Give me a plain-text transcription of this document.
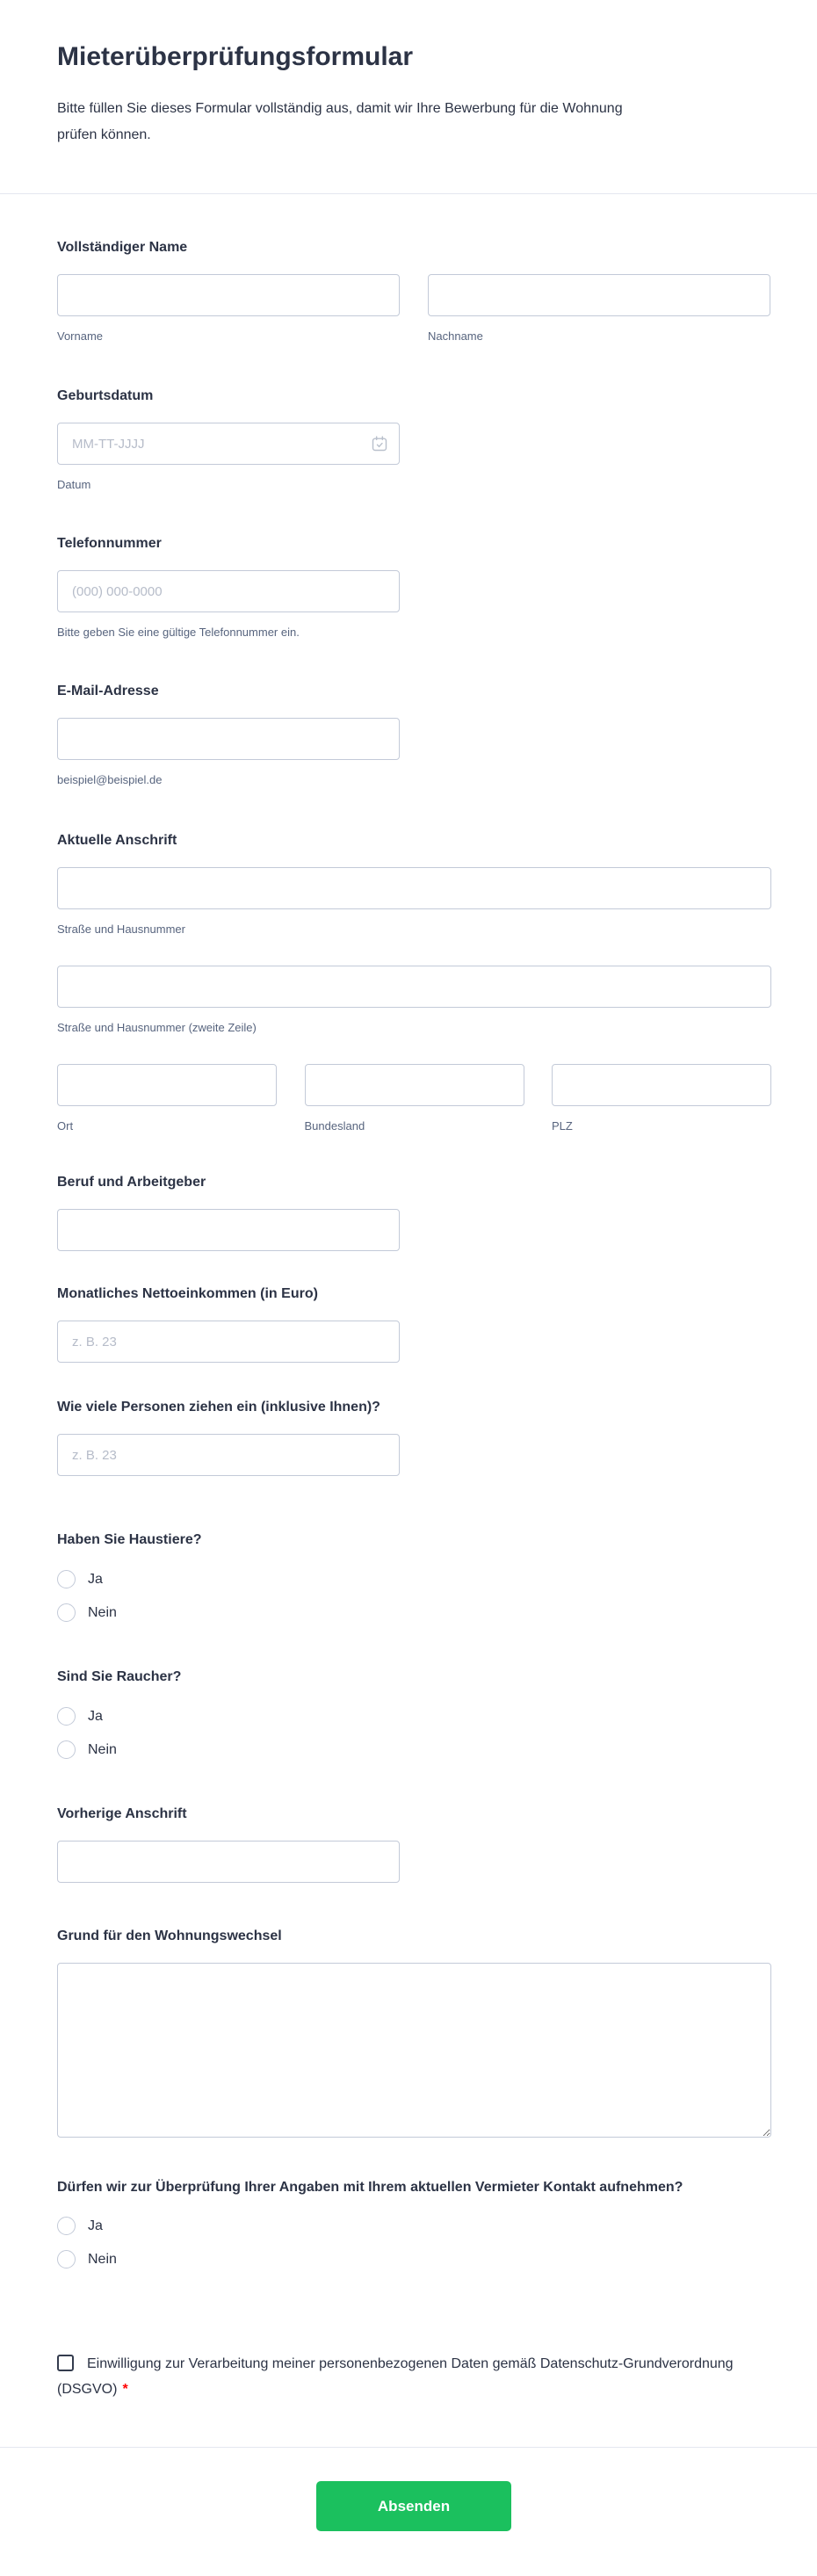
Mieterüberprüfungsformular

Bitte füllen Sie dieses Formular vollständig aus, damit wir Ihre Bewerbung für die Wohnung prüfen können.

Vollständiger Name
Vorname	Nachname
Geburtsdatum
MM-TT-JJJJ
Datum
Telefonnummer
(000) 000-0000
Bitte geben Sie eine gültige Telefonnummer ein.
E-Mail-Adresse
beispiel@beispiel.de
Aktuelle Anschrift
Straße und Hausnummer
Straße und Hausnummer (zweite Zeile)
Ort	Bundesland	PLZ
Beruf und Arbeitgeber
Monatliches Nettoeinkommen (in Euro)
z. B. 23
Wie viele Personen ziehen ein (inklusive Ihnen)?
z. B. 23
Haben Sie Haustiere?
Ja
Nein
Sind Sie Raucher?
Ja
Nein
Vorherige Anschrift
Grund für den Wohnungswechsel
Dürfen wir zur Überprüfung Ihrer Angaben mit Ihrem aktuellen Vermieter Kontakt aufnehmen?
Ja
Nein
Einwilligung zur Verarbeitung meiner personenbezogenen Daten gemäß Datenschutz-Grundverordnung (DSGVO) *
Absenden
